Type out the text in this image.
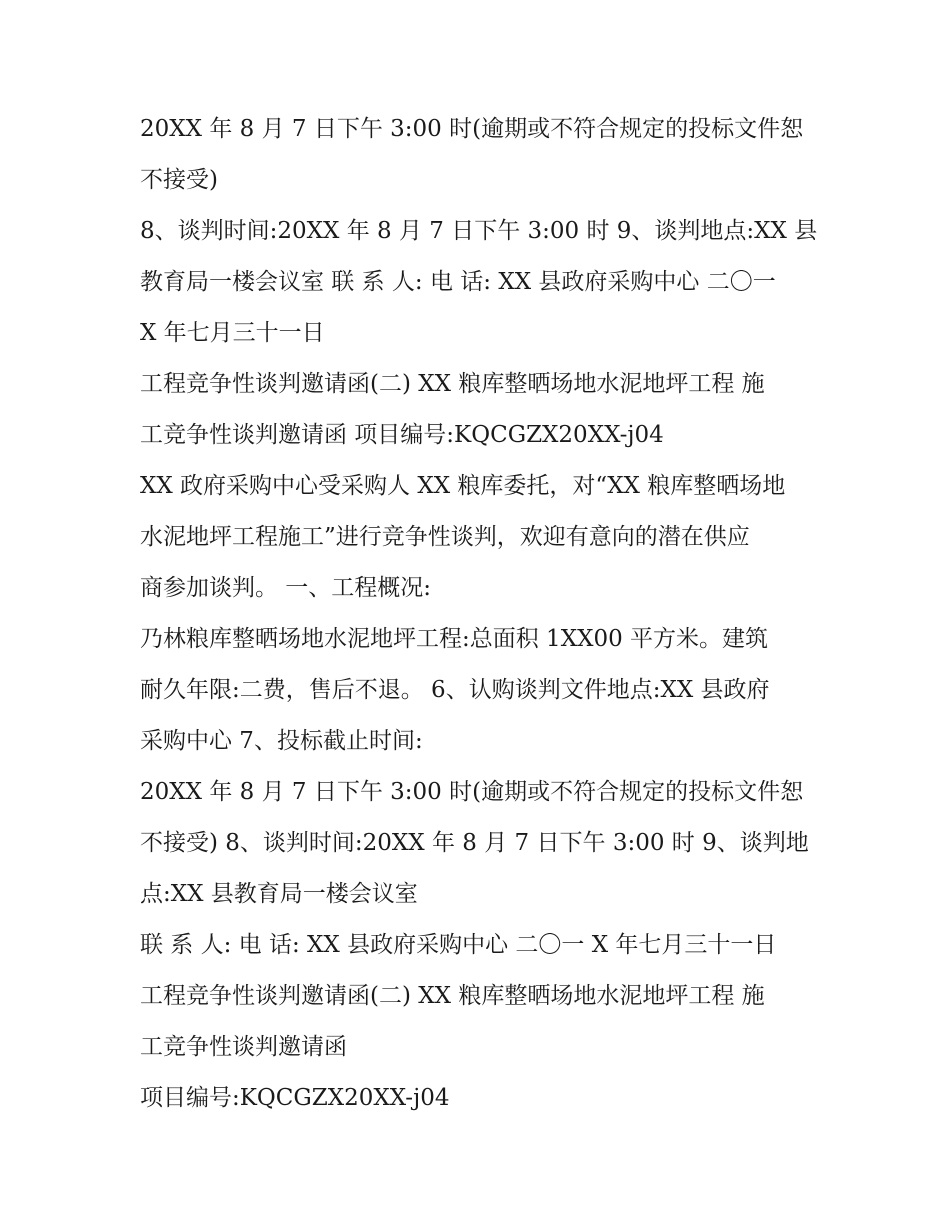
20XX 年 8 月 7 日下午 3:00 时(逾期或不符合规定的投标文件恕

不接受)

8、谈判时间:20XX 年 8 月 7 日下午 3:00 时 9、谈判地点:XX 县

教育局一楼会议室 联 系 人: 电 话: XX 县政府采购中心 二〇一

X 年七月三十一日

工程竞争性谈判邀请函(二) XX 粮库整晒场地水泥地坪工程 施

工竞争性谈判邀请函 项目编号:KQCGZX20XX-j04

XX 政府采购中心受采购人 XX 粮库委托，对“XX 粮库整晒场地

水泥地坪工程施工”进行竞争性谈判，欢迎有意向的潜在供应

商参加谈判。 一、工程概况:

乃林粮库整晒场地水泥地坪工程:总面积 1XX00 平方米。建筑

耐久年限:二费，售后不退。 6、认购谈判文件地点:XX 县政府

采购中心 7、投标截止时间:

20XX 年 8 月 7 日下午 3:00 时(逾期或不符合规定的投标文件恕

不接受) 8、谈判时间:20XX 年 8 月 7 日下午 3:00 时 9、谈判地

点:XX 县教育局一楼会议室

联 系 人: 电 话: XX 县政府采购中心 二〇一 X 年七月三十一日

工程竞争性谈判邀请函(二) XX 粮库整晒场地水泥地坪工程 施

工竞争性谈判邀请函

项目编号:KQCGZX20XX-j04
